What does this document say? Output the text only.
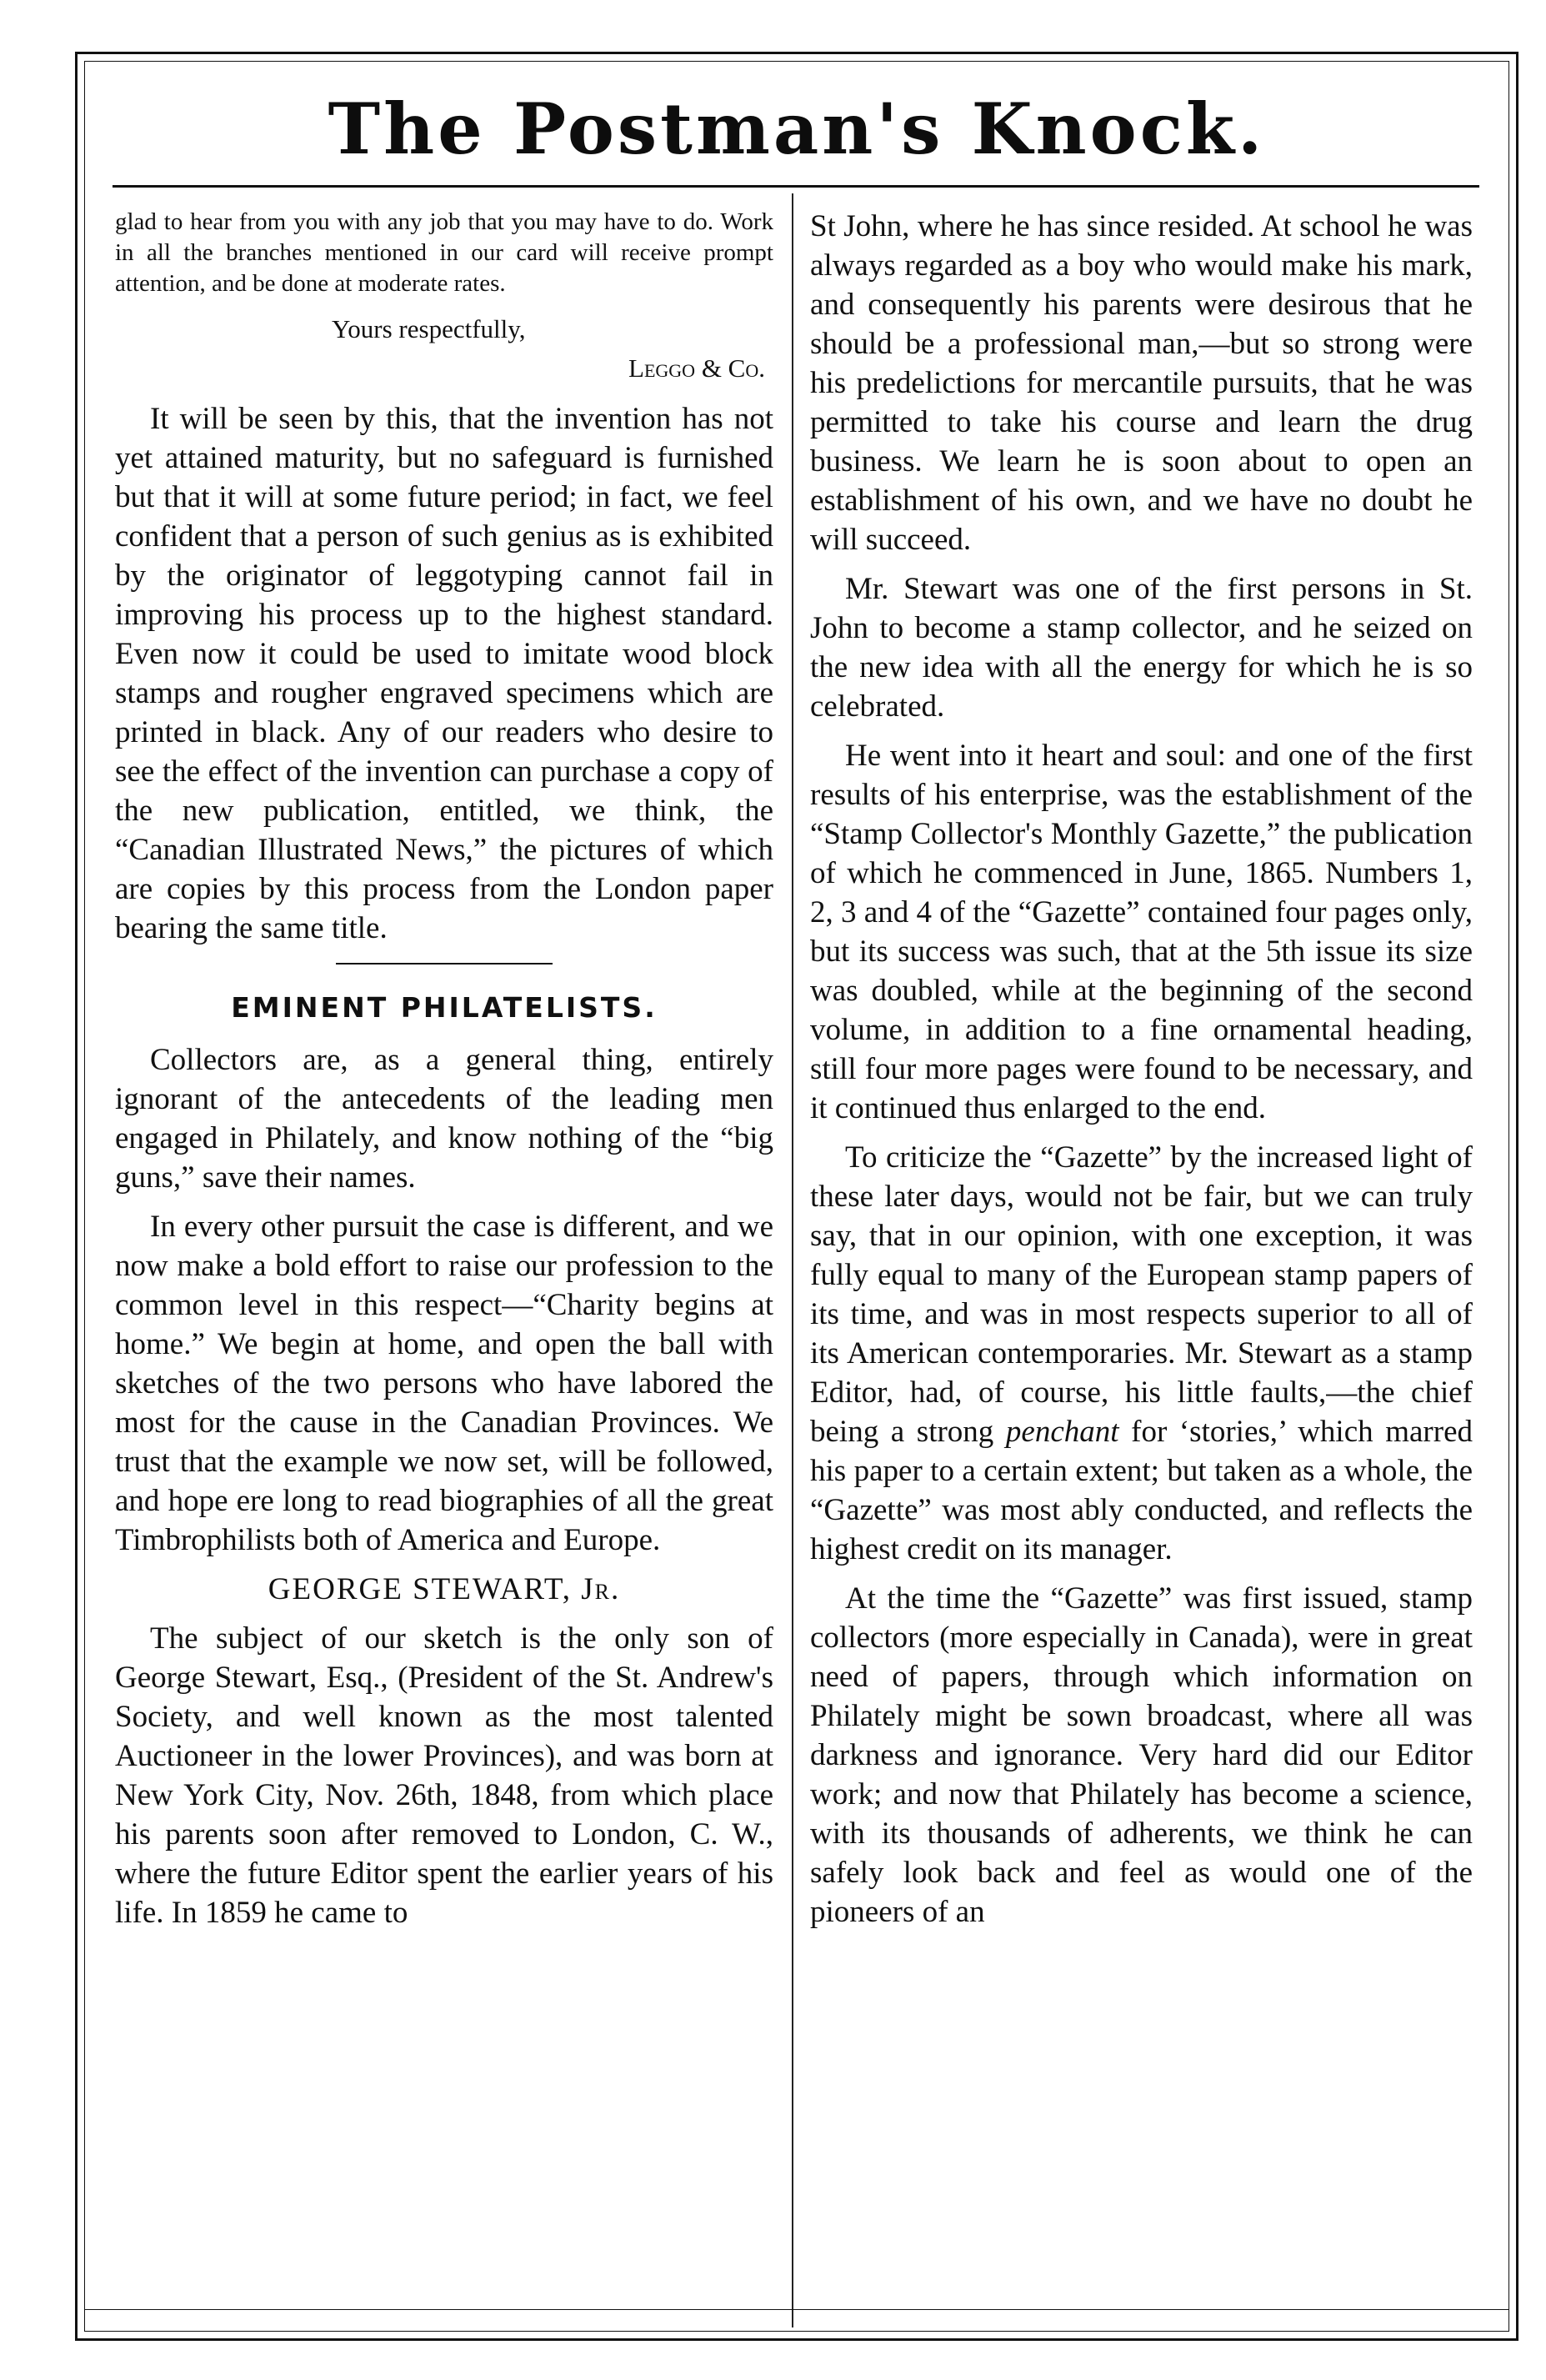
The Postman's Knock.

glad to hear from you with any job that you may have to do. Work in all the branches mentioned in our card will receive prompt attention, and be done at moderate rates.

Yours respectfully,

Leggo & Co.

It will be seen by this, that the invention has not yet attained maturity, but no safeguard is furnished but that it will at some future period; in fact, we feel confident that a person of such genius as is exhibited by the originator of leggotyping cannot fail in improving his process up to the highest standard. Even now it could be used to imitate wood block stamps and rougher engraved specimens which are printed in black. Any of our readers who desire to see the effect of the invention can purchase a copy of the new publication, entitled, we think, the “Canadian Illustrated News,” the pictures of which are copies by this process from the London paper bearing the same title.

EMINENT PHILATELISTS.

Collectors are, as a general thing, entirely ignorant of the antecedents of the leading men engaged in Philately, and know nothing of the “big guns,” save their names.

In every other pursuit the case is different, and we now make a bold effort to raise our profession to the common level in this respect—“Charity begins at home.” We begin at home, and open the ball with sketches of the two persons who have labored the most for the cause in the Canadian Provinces. We trust that the example we now set, will be followed, and hope ere long to read biographies of all the great Timbrophilists both of America and Europe.

GEORGE STEWART, Jr.

The subject of our sketch is the only son of George Stewart, Esq., (President of the St. Andrew's Society, and well known as the most talented Auctioneer in the lower Provinces), and was born at New York City, Nov. 26th, 1848, from which place his parents soon after removed to London, C. W., where the future Editor spent the earlier years of his life. In 1859 he came to

St John, where he has since resided. At school he was always regarded as a boy who would make his mark, and consequently his parents were desirous that he should be a professional man,—but so strong were his predelictions for mercantile pursuits, that he was permitted to take his course and learn the drug business. We learn he is soon about to open an establishment of his own, and we have no doubt he will succeed.

Mr. Stewart was one of the first persons in St. John to become a stamp collector, and he seized on the new idea with all the energy for which he is so celebrated.

He went into it heart and soul: and one of the first results of his enterprise, was the establishment of the “Stamp Collector's Monthly Gazette,” the publication of which he commenced in June, 1865. Numbers 1, 2, 3 and 4 of the “Gazette” contained four pages only, but its success was such, that at the 5th issue its size was doubled, while at the beginning of the second volume, in addition to a fine ornamental heading, still four more pages were found to be necessary, and it continued thus enlarged to the end.

To criticize the “Gazette” by the increased light of these later days, would not be fair, but we can truly say, that in our opinion, with one exception, it was fully equal to many of the European stamp papers of its time, and was in most respects superior to all of its American contemporaries. Mr. Stewart as a stamp Editor, had, of course, his little faults,—the chief being a strong penchant for ‘stories,’ which marred his paper to a certain extent; but taken as a whole, the “Gazette” was most ably conducted, and reflects the highest credit on its manager.

At the time the “Gazette” was first issued, stamp collectors (more especially in Canada), were in great need of papers, through which information on Philately might be sown broadcast, where all was darkness and ignorance. Very hard did our Editor work; and now that Philately has become a science, with its thousands of adherents, we think he can safely look back and feel as would one of the pioneers of an
